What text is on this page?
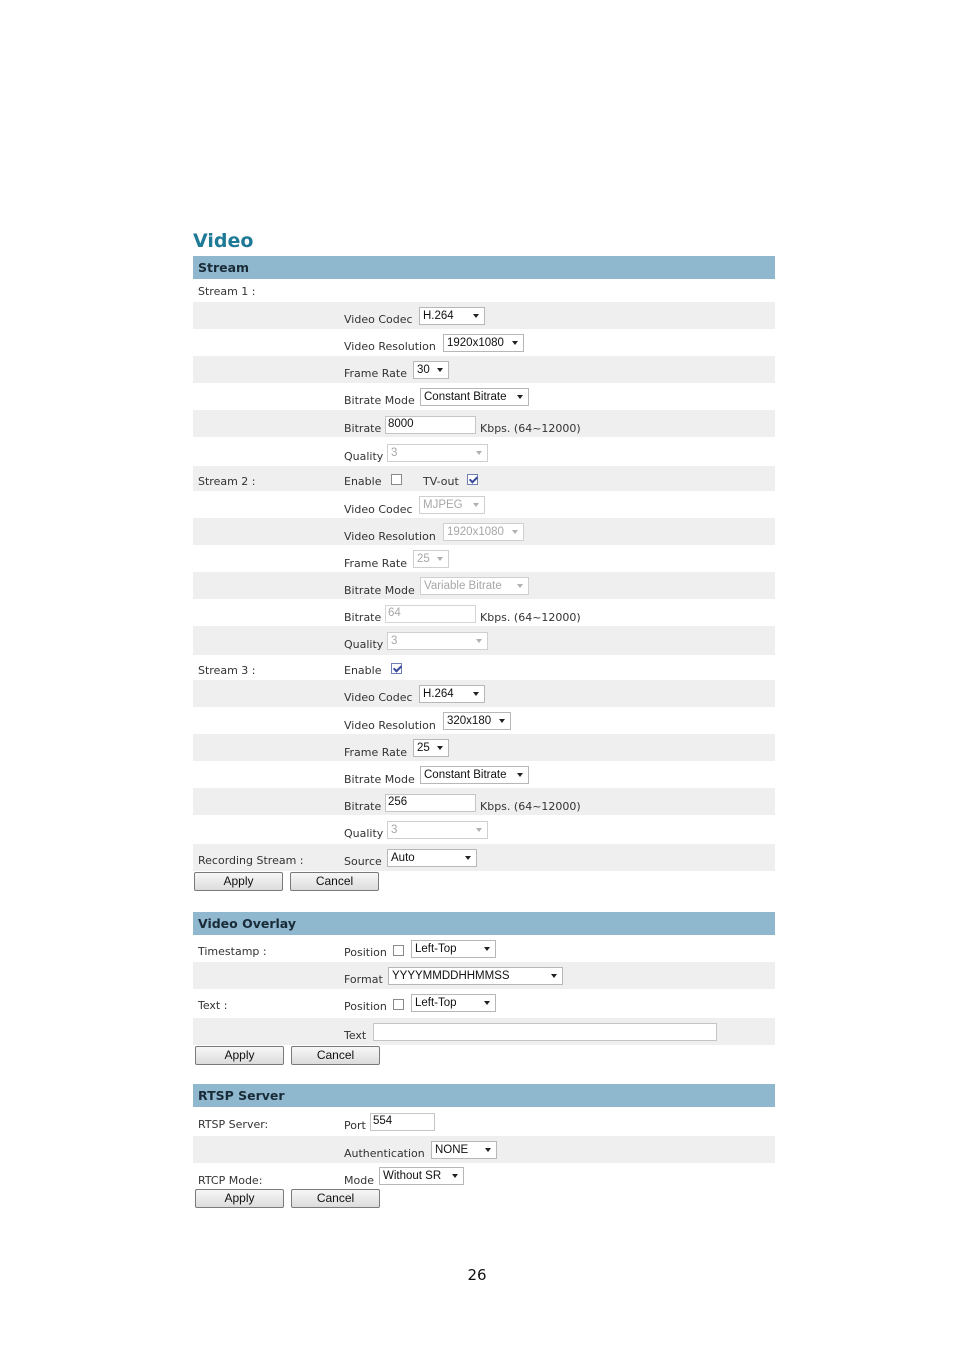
Video
Stream
Stream 1 :
Video Codec H.264
Video Resolution 1920x1080
Frame Rate 30
Bitrate Mode Constant Bitrate
Bitrate 8000	Kbps. (64~12000)
Quality 3
Stream 2 :	Enable	TV-out
Video Codec MJPEG
Video Resolution 1920x1080
Frame Rate 25
Bitrate Mode Variable Bitrate
Bitrate 64	Kbps. (64~12000)
Quality 3
Stream 3 :	Enable
Video Codec H.264
Video Resolution 320x180
Frame Rate 25
Bitrate Mode Constant Bitrate
Bitrate 256	Kbps. (64~12000)
Quality 3
Recording Stream :	Source Auto
Apply	Cancel
Video Overlay
Timestamp :	Position	Left-Top
Format YYYYMMDDHHMMSS
Text :	Position	Left-Top
Text
Apply	Cancel
RTSP Server
RTSP Server:	Port 554
Authentication NONE
RTCP Mode:	Mode Without SR
Apply	Cancel
26
